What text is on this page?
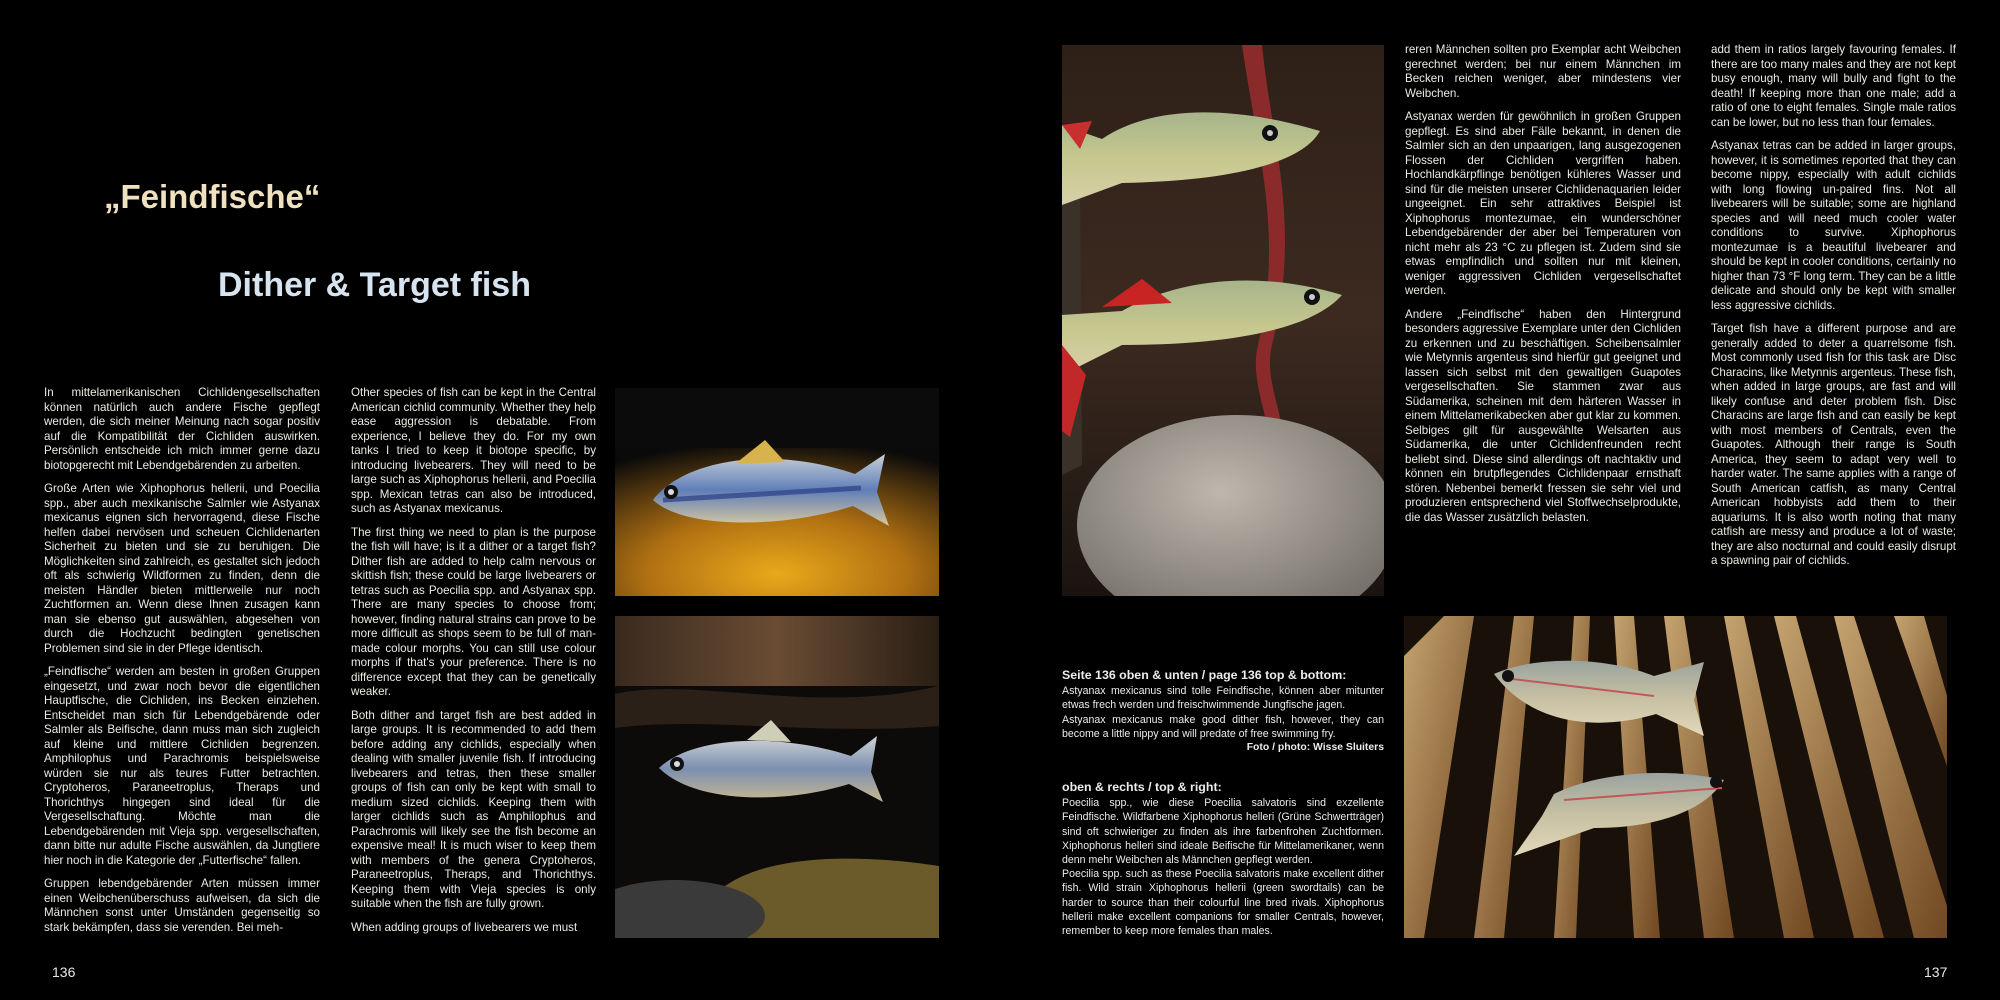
„Feindfische“
Dither & Target fish

In mittelamerikanischen Cichlidengesellschaften können natürlich auch andere Fische gepflegt werden, die sich meiner Meinung nach sogar positiv auf die Kompatibilität der Cichliden auswirken. Persönlich entscheide ich mich immer gerne dazu biotopgerecht mit Lebendgebärenden zu arbeiten.

Große Arten wie Xiphophorus hellerii, und Poecilia spp., aber auch mexikanische Salmler wie Astyanax mexicanus eignen sich hervorragend, diese Fische helfen dabei nervösen und scheuen Cichlidenarten Sicherheit zu bieten und sie zu beruhigen. Die Möglichkeiten sind zahlreich, es gestaltet sich jedoch oft als schwierig Wildformen zu finden, denn die meisten Händler bieten mittlerweile nur noch Zuchtformen an. Wenn diese Ihnen zusagen kann man sie ebenso gut auswählen, abgesehen von durch die Hochzucht bedingten genetischen Problemen sind sie in der Pflege identisch.

„Feindfische“ werden am besten in großen Gruppen eingesetzt, und zwar noch bevor die eigentlichen Hauptfische, die Cichliden, ins Becken einziehen. Entscheidet man sich für Lebendgebärende oder Salmler als Beifische, dann muss man sich zugleich auf kleine und mittlere Cichliden begrenzen. Amphilophus und Parachromis beispielsweise würden sie nur als teures Futter betrachten. Cryptoheros, Paraneetroplus, Theraps und Thorichthys hingegen sind ideal für die Vergesellschaftung. Möchte man die Lebendgebärenden mit Vieja spp. vergesellschaften, dann bitte nur adulte Fische auswählen, da Jungtiere hier noch in die Kategorie der „Futterfische“ fallen.

Gruppen lebendgebärender Arten müssen immer einen Weibchenüberschuss aufweisen, da sich die Männchen sonst unter Umständen gegenseitig so stark bekämpfen, dass sie verenden. Bei meh-

Other species of fish can be kept in the Central American cichlid community. Whether they help ease aggression is debatable. From experience, I believe they do. For my own tanks I tried to keep it biotope specific, by introducing livebearers. They will need to be large such as Xiphophorus hellerii, and Poecilia spp. Mexican tetras can also be introduced, such as Astyanax mexicanus.

The first thing we need to plan is the purpose the fish will have; is it a dither or a target fish? Dither fish are added to help calm nervous or skittish fish; these could be large livebearers or tetras such as Poecilia spp. and Astyanax spp. There are many species to choose from; however, finding natural strains can prove to be more difficult as shops seem to be full of man-made colour morphs. You can still use colour morphs if that's your preference. There is no difference except that they can be genetically weaker.

Both dither and target fish are best added in large groups. It is recommended to add them before adding any cichlids, especially when dealing with smaller juvenile fish. If introducing livebearers and tetras, then these smaller groups of fish can only be kept with small to medium sized cichlids. Keeping them with larger cichlids such as Amphilophus and Parachromis will likely see the fish become an expensive meal! It is much wiser to keep them with members of the genera Cryptoheros, Paraneetroplus, Theraps, and Thorichthys. Keeping them with Vieja species is only suitable when the fish are fully grown.

When adding groups of livebearers we must

136

reren Männchen sollten pro Exemplar acht Weibchen gerechnet werden; bei nur einem Männchen im Becken reichen weniger, aber mindestens vier Weibchen.

Astyanax werden für gewöhnlich in großen Gruppen gepflegt. Es sind aber Fälle bekannt, in denen die Salmler sich an den unpaarigen, lang ausgezogenen Flossen der Cichliden vergriffen haben. Hochlandkärpflinge benötigen kühleres Wasser und sind für die meisten unserer Cichlidenaquarien leider ungeeignet. Ein sehr attraktives Beispiel ist Xiphophorus montezumae, ein wunderschöner Lebendgebärender der aber bei Temperaturen von nicht mehr als 23 °C zu pflegen ist. Zudem sind sie etwas empfindlich und sollten nur mit kleinen, weniger aggressiven Cichliden vergesellschaftet werden.

Andere „Feindfische“ haben den Hintergrund besonders aggressive Exemplare unter den Cichliden zu erkennen und zu beschäftigen. Scheibensalmler wie Metynnis argenteus sind hierfür gut geeignet und lassen sich selbst mit den gewaltigen Guapotes vergesellschaften. Sie stammen zwar aus Südamerika, scheinen mit dem härteren Wasser in einem Mittelamerikabecken aber gut klar zu kommen. Selbiges gilt für ausgewählte Welsarten aus Südamerika, die unter Cichlidenfreunden recht beliebt sind. Diese sind allerdings oft nachtaktiv und können ein brutpflegendes Cichlidenpaar ernsthaft stören. Nebenbei bemerkt fressen sie sehr viel und produzieren entsprechend viel Stoffwechselprodukte, die das Wasser zusätzlich belasten.

add them in ratios largely favouring females. If there are too many males and they are not kept busy enough, many will bully and fight to the death! If keeping more than one male; add a ratio of one to eight females. Single male ratios can be lower, but no less than four females.

Astyanax tetras can be added in larger groups, however, it is sometimes reported that they can become nippy, especially with adult cichlids with long flowing un-paired fins. Not all livebearers will be suitable; some are highland species and will need much cooler water conditions to survive. Xiphophorus montezumae is a beautiful livebearer and should be kept in cooler conditions, certainly no higher than 73 °F long term. They can be a little delicate and should only be kept with smaller less aggressive cichlids.

Target fish have a different purpose and are generally added to deter a quarrelsome fish. Most commonly used fish for this task are Disc Characins, like Metynnis argenteus. These fish, when added in large groups, are fast and will likely confuse and deter problem fish. Disc Characins are large fish and can easily be kept with most members of Centrals, even the Guapotes. Although their range is South America, they seem to adapt very well to harder water. The same applies with a range of South American catfish, as many Central American hobbyists add them to their aquariums. It is also worth noting that many catfish are messy and produce a lot of waste; they are also nocturnal and could easily disrupt a spawning pair of cichlids.

Seite 136 oben & unten / page 136 top & bottom:
Astyanax mexicanus sind tolle Feindfische, können aber mitunter etwas frech werden und freischwimmende Jungfische jagen.
Astyanax mexicanus make good dither fish, however, they can become a little nippy and will predate of free swimming fry.
Foto / photo: Wisse Sluiters
oben & rechts / top & right:
Poecilia spp., wie diese Poecilia salvatoris sind exzellente Feindfische. Wildfarbene Xiphophorus helleri (Grüne Schwertträger) sind oft schwieriger zu finden als ihre farbenfrohen Zuchtformen. Xiphophorus helleri sind ideale Beifische für Mittelamerikaner, wenn denn mehr Weibchen als Männchen gepflegt werden.
Poecilia spp. such as these Poecilia salvatoris make excellent dither fish. Wild strain Xiphophorus hellerii (green swordtails) can be harder to source than their colourful line bred rivals. Xiphophorus hellerii make excellent companions for smaller Centrals, however, remember to keep more females than males.
137
